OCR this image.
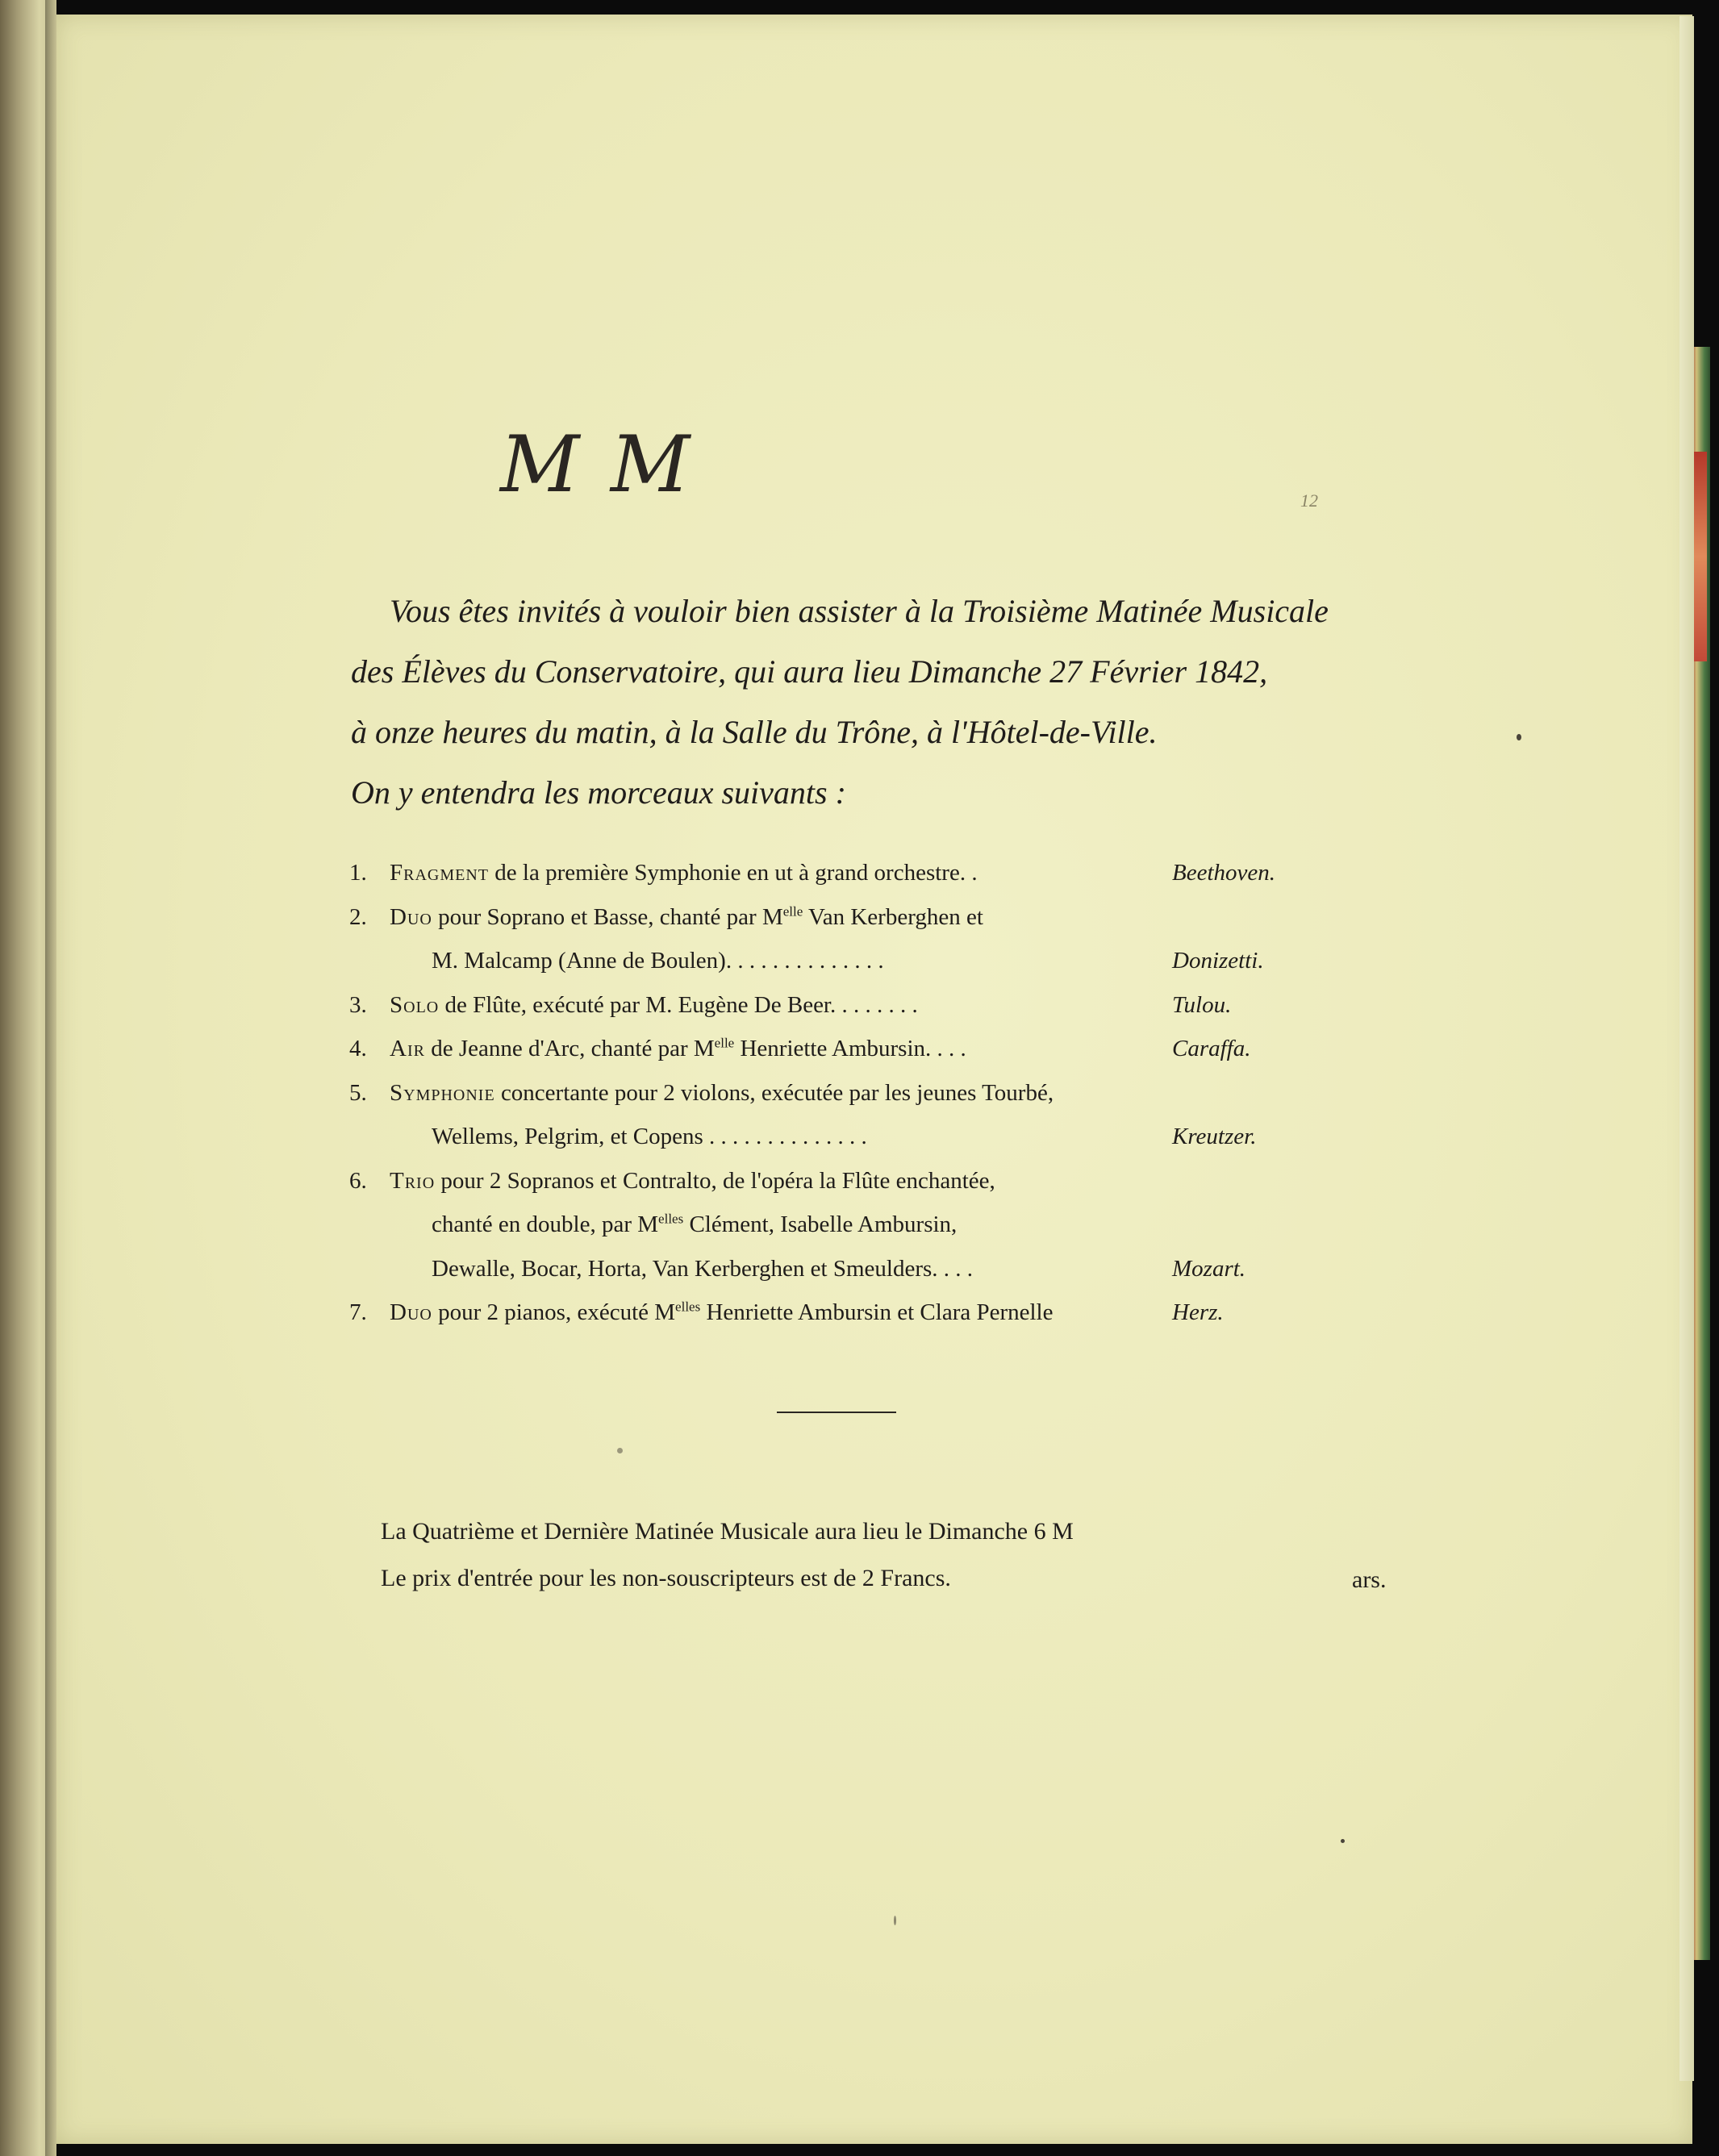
M M	12
Vous êtes invités à vouloir bien assister à la Troisième Matinée Musicale
des Élèves du Conservatoire, qui aura lieu Dimanche 27 Février 1842,
à onze heures du matin, à la Salle du Trône, à l'Hôtel-de-Ville.
On y entendra les morceaux suivants :
1. Fragment de la première Symphonie en ut à grand orchestre. .	Beethoven.
2. Duo pour Soprano et Basse, chanté par $M^{elle}$ Van Kerberghen et
M. Malcamp (Anne de Boulen). . . . . . . . . . . . . .	Donizetti.
3. Solo de Flûte, exécuté par M. Eugène De Beer. . . . . . . .	Tulou.
4. Air de Jeanne d'Arc, chanté par $M^{elle}$ Henriette Ambursin. . . .	Caraffa.
5. Symphonie concertante pour 2 violons, exécutée par les jeunes Tourbé,
Wellems, Pelgrim, et Copens . . . . . . . . . . . . . .	Kreutzer.
6. Trio pour 2 Sopranos et Contralto, de l'opéra la Flûte enchantée,
chanté en double, par $M^{elles}$ Clément, Isabelle Ambursin,
Dewalle, Bocar, Horta, Van Kerberghen et Smeulders. . . .	Mozart.
7. Duo pour 2 pianos, exécuté $M^{elles}$ Henriette Ambursin et Clara Pernelle	Herz.
La Quatrième et Dernière Matinée Musicale aura lieu le Dimanche 6 M
Le prix d'entrée pour les non-souscripteurs est de 2 Francs.	ars.
